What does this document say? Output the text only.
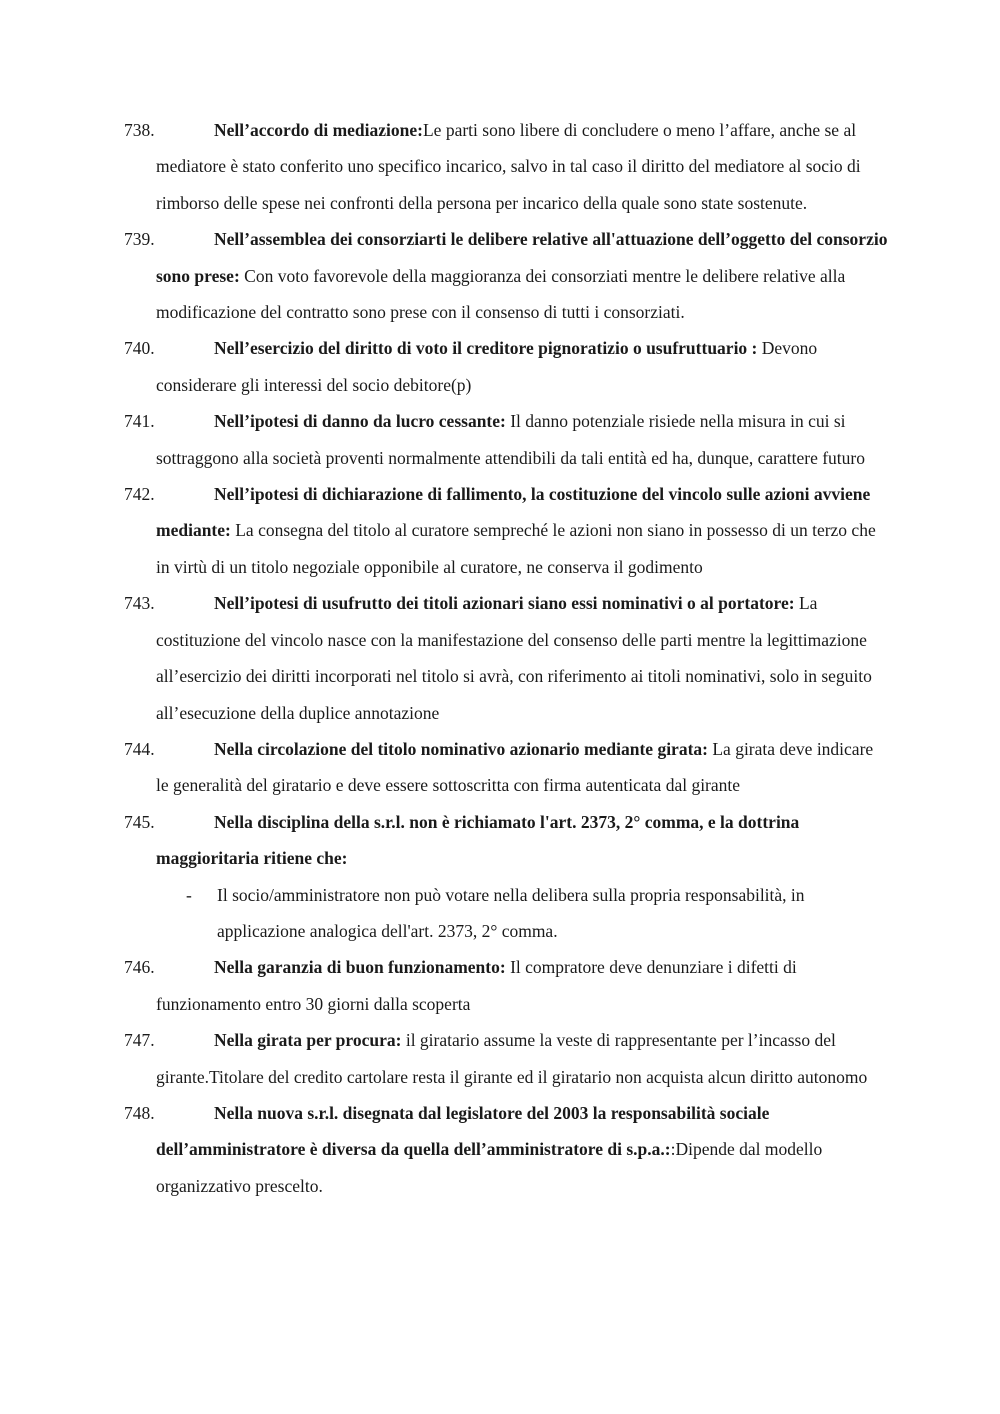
738.	Nell’accordo di mediazione:Le parti sono libere di concludere o meno l’affare, anche se al mediatore è stato conferito uno specifico incarico, salvo in tal caso il diritto del mediatore al socio di rimborso delle spese nei confronti della persona per incarico della quale sono state sostenute.
739.	Nell’assemblea dei consorziarti le delibere relative all'attuazione dell’oggetto del consorzio sono prese: Con voto favorevole della maggioranza dei consorziati mentre le delibere relative alla modificazione del contratto sono prese con il consenso di tutti i consorziati.
740.	Nell’esercizio del diritto di voto il creditore pignoratizio o usufruttuario : Devono considerare gli interessi del socio debitore(p)
741.	Nell’ipotesi di danno da lucro cessante: Il danno potenziale risiede nella misura in cui si sottraggono alla società proventi normalmente attendibili da tali entità ed ha, dunque, carattere futuro
742.	Nell’ipotesi di dichiarazione di fallimento, la costituzione del vincolo sulle azioni avviene mediante: La consegna del titolo al curatore sempreché le azioni non siano in possesso di un terzo che in virtù di un titolo negoziale opponibile al curatore, ne conserva il godimento
743.	Nell’ipotesi di usufrutto dei titoli azionari siano essi nominativi o al portatore: La costituzione del vincolo nasce con la manifestazione del consenso delle parti mentre la legittimazione all’esercizio dei diritti incorporati nel titolo si avrà, con riferimento ai titoli nominativi, solo in seguito all’esecuzione della duplice annotazione
744.	Nella circolazione del titolo nominativo azionario mediante girata: La girata deve indicare le generalità del giratario e deve essere sottoscritta con firma autenticata dal girante
745.	Nella disciplina della s.r.l. non è richiamato l'art. 2373, 2° comma, e la dottrina maggioritaria ritiene che:
- Il socio/amministratore non può votare nella delibera sulla propria responsabilità, in applicazione analogica dell'art. 2373, 2° comma.
746.	Nella garanzia di buon funzionamento: Il compratore deve denunziare i difetti di funzionamento entro 30 giorni dalla scoperta
747.	Nella girata per procura: il giratario assume la veste di rappresentante per l’incasso del girante.Titolare del credito cartolare resta il girante ed il giratario non acquista alcun diritto autonomo
748.	Nella nuova s.r.l. disegnata dal legislatore del 2003 la responsabilità sociale dell’amministratore è diversa da quella dell’amministratore di s.p.a.::Dipende dal modello organizzativo prescelto.
